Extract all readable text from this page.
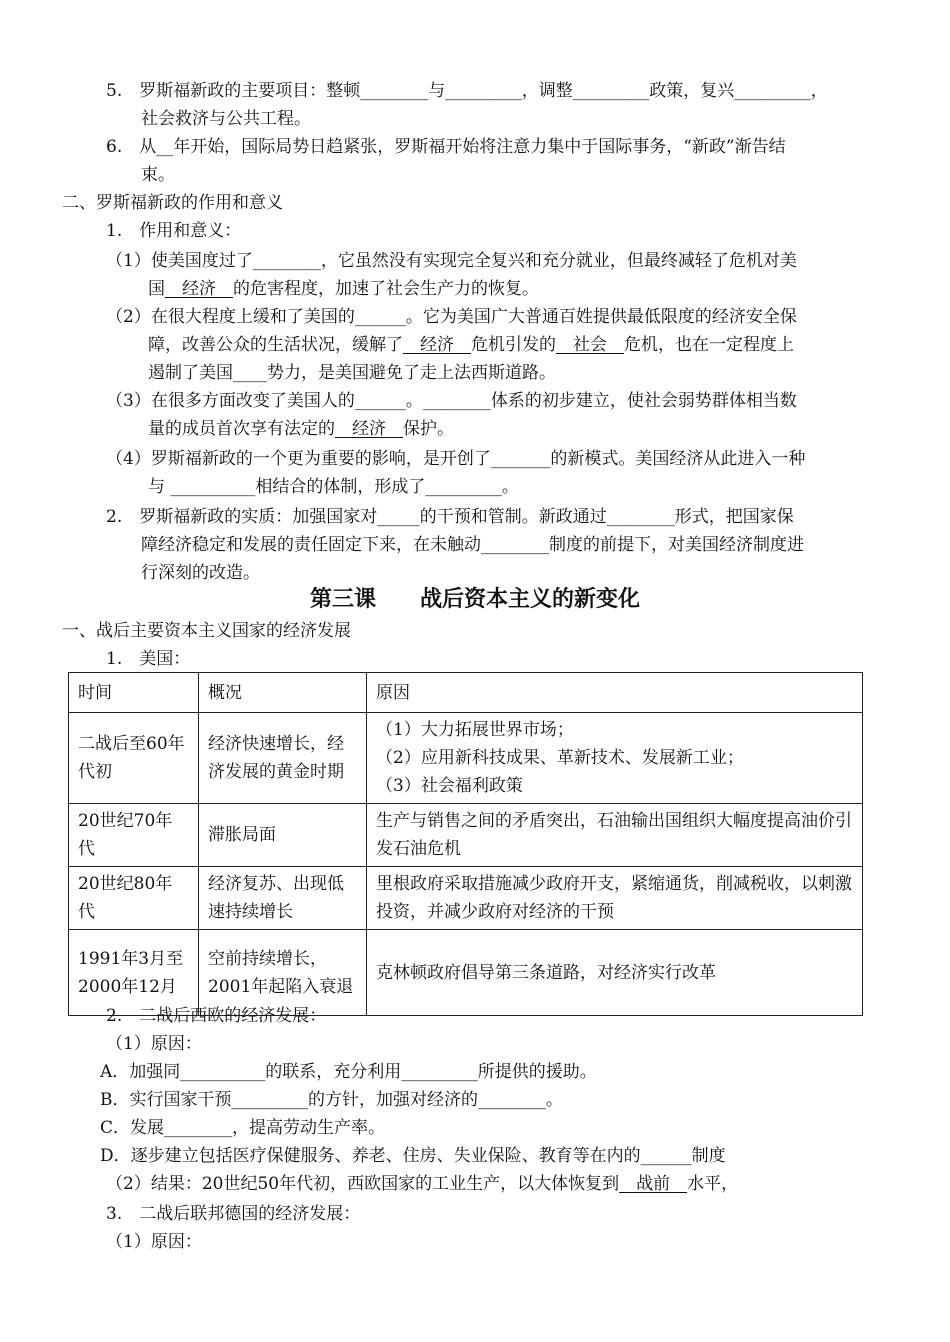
5.　罗斯福新政的主要项目：整顿________与_________，调整_________政策，复兴_________，
社会救济与公共工程。
6.　从__年开始，国际局势日趋紧张，罗斯福开始将注意力集中于国际事务，“新政”渐告结
束。
二、罗斯福新政的作用和意义
1.　作用和意义：
（1）使美国度过了________，它虽然没有实现完全复兴和充分就业，但最终减轻了危机对美
国　经济　的危害程度，加速了社会生产力的恢复。
（2）在很大程度上缓和了美国的______。它为美国广大普通百姓提供最低限度的经济安全保
障，改善公众的生活状况，缓解了　经济　危机引发的　社会　危机，也在一定程度上
遏制了美国____势力，是美国避免了走上法西斯道路。
（3）在很多方面改变了美国人的______。________体系的初步建立，使社会弱势群体相当数
量的成员首次享有法定的　经济　保护。
（4）罗斯福新政的一个更为重要的影响，是开创了_______的新模式。美国经济从此进入一种
与 __________相结合的体制，形成了_________。
2.　罗斯福新政的实质：加强国家对_____的干预和管制。新政通过________形式，把国家保
障经济稳定和发展的责任固定下来，在未触动________制度的前提下，对美国经济制度进
行深刻的改造。
第三课　　战后资本主义的新变化
一、战后主要资本主义国家的经济发展
1.　美国：
时间	概况	原因
二战后至60年代初	经济快速增长，经济发展的黄金时期	（1）大力拓展世界市场；
（2）应用新科技成果、革新技术、发展新工业；
（3）社会福利政策

20世纪70年代	滞胀局面	生产与销售之间的矛盾突出，石油输出国组织大幅度提高油价引发石油危机
20世纪80年代	经济复苏、出现低速持续增长	里根政府采取措施减少政府开支，紧缩通货，削减税收，以刺激投资，并减少政府对经济的干预
1991年3月至2000年12月	空前持续增长，2001年起陷入衰退	克林顿政府倡导第三条道路，对经济实行改革
2.　二战后西欧的经济发展：
（1）原因：
A．加强同__________的联系，充分利用_________所提供的援助。
B．实行国家干预_________的方针，加强对经济的________。
C．发展________，提高劳动生产率。
D．逐步建立包括医疗保健服务、养老、住房、失业保险、教育等在内的______制度
（2）结果：20世纪50年代初，西欧国家的工业生产，以大体恢复到　战前　水平，
3.　二战后联邦德国的经济发展：
（1）原因：
